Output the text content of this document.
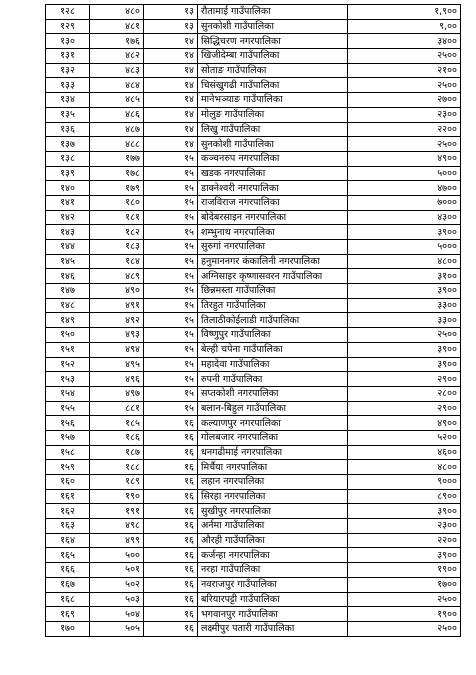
१२८	४८०	१३	रौतामाई गाउँपालिका	१,९००
१२९	४८१	१३	सुनकोशी गाउँपालिका	९,००
१३०	१७६	१४	सिद्धिचरण नगरपालिका	३४००
१३१	४८२	१४	खिजीदेम्बा गाउँपालिका	२५००
१३२	४८३	१४	सोताङ गाउँपालिका	२१००
१३३	४८४	१४	चिसंखुगढी गाउँपालिका	२५००
१३४	४८५	१४	मानेभञ्याङ गाउँपालिका	२७००
१३५	४८६	१४	मोलुङ गाउँपालिका	२३००
१३६	४८७	१४	लिखु गाउँपालिका	२२००
१३७	४८८	१४	सुनकोशी गाउँपालिका	२५००
१३८	१७७	१५	कञ्चनरुप नगरपालिका	४९००
१३९	१७८	१५	खडक नगरपालिका	५०००
१४०	१७९	१५	डाक्नेश्वरी नगरपालिका	४७००
१४१	१८०	१५	राजविराज नगरपालिका	७०००
१४२	१८१	१५	बोदेबरसाइन नगरपालिका	४३००
१४३	१८२	१५	शम्भुनाथ नगरपालिका	३९००
१४४	१८३	१५	सुरुगां नगरपालिका	५०००
१४५	१८४	१५	हनुमाननगर कंकालिनी नगरपालिका	४८००
१४६	४८९	१५	अग्निसाइर कृष्णासवरन गाउँपालिका	३१००
१४७	४९०	१५	छिन्नमस्ता गाउँपालिका	३९००
१४८	४९१	१५	तिरहुत गाउँपालिका	३३००
१४९	४९२	१५	तिलाठीकोईलाडी गाउँपालिका	३३००
१५०	४९३	१५	विष्णुपुर गाउँपालिका	२५००
१५१	४९४	१५	बेल्ही चपेना गाउँपालिका	३९००
१५२	४९५	१५	महादेवा गाउँपालिका	३९००
१५३	४९६	१५	रुपनी गाउँपालिका	२९००
१५४	४९७	१५	सप्तकोशी नगरपालिका	२८००
१५५	८८१	१५	बलान-बिहुल गाउँपालिका	२९००
१५६	१८५	१६	कल्याणपुर नगरपालिका	४९००
१५७	१८६	१६	गोलबजार नगरपालिका	५२००
१५८	१८७	१६	धनगढीमाई नगरपालिका	४६००
१५९	१८८	१६	मिर्चैया नगरपालिका	४८००
१६०	१८९	१६	लहान नगरपालिका	९०००
१६१	१९०	१६	सिरहा नगरपालिका	८९००
१६२	१९१	१६	सुखीपुर नगरपालिका	३९००
१६३	४९८	१६	अर्नमा गाउँपालिका	२३००
१६४	४९९	१६	औरही गाउँपालिका	२२००
१६५	५००	१६	कर्जन्हा नगरपालिका	३९००
१६६	५०१	१६	नरहा गाउँपालिका	१९००
१६७	५०२	१६	नवराजपुर गाउँपालिका	१७००
१६८	५०३	१६	बरियारपट्टी गाउँपालिका	२५००
१६९	५०४	१६	भगवानपुर गाउँपालिका	१९००
१७०	५०५	१६	लक्ष्मीपुर पतारी गाउँपालिका	२५००
